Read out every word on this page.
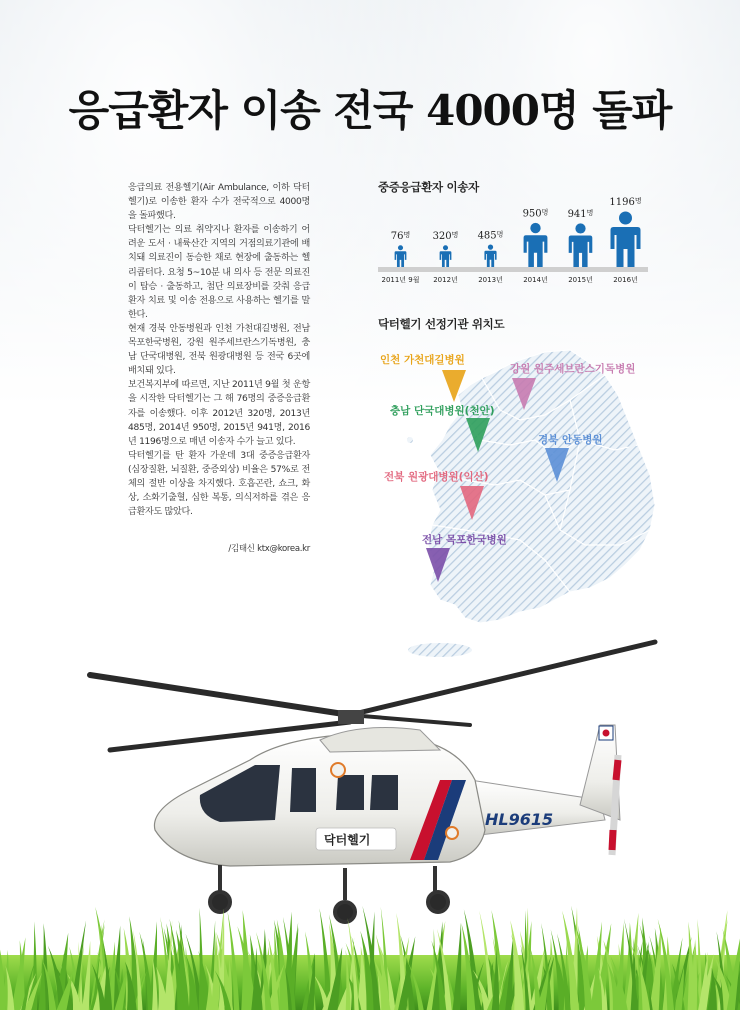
응급환자 이송 전국 4000명 돌파

응급의료 전용헬기(Air Ambulance, 이하 닥터헬기)로 이송한 환자 수가 전국적으로 4000명을 돌파했다.

닥터헬기는 의료 취약지나 환자를 이송하기 어려운 도서 · 내륙산간 지역의 거점의료기관에 배치돼 의료진이 동승한 채로 현장에 출동하는 헬리콥터다. 요청 5~10분 내 의사 등 전문 의료진이 탑승 · 출동하고, 첨단 의료장비를 갖춰 응급환자 치료 및 이송 전용으로 사용하는 헬기를 말한다.

현재 경북 안동병원과 인천 가천대길병원, 전남 목포한국병원, 강원 원주세브란스기독병원, 충남 단국대병원, 전북 원광대병원 등 전국 6곳에 배치돼 있다.

보건복지부에 따르면, 지난 2011년 9월 첫 운항을 시작한 닥터헬기는 그 해 76명의 중증응급환자를 이송했다. 이후 2012년 320명, 2013년 485명, 2014년 950명, 2015년 941명, 2016년 1196명으로 매년 이송자 수가 늘고 있다.

닥터헬기를 탄 환자 가운데 3대 중증응급환자(심장질환, 뇌질환, 중증외상) 비율은 57%로 전체의 절반 이상을 차지했다. 호흡곤란, 쇼크, 화상, 소화기출혈, 심한 복통, 의식저하를 겪은 응급환자도 많았다.

/김태신 ktx@korea.kr
중증응급환자 이송자
$76^명$
2011년 9월
$320^명$
2012년
$485^명$
2013년
$950^명$
2014년
$941^명$
2015년
$1196^명$
2016년
닥터헬기 선정기관 위치도
인천 가천대길병원
강원 원주세브란스기독병원
충남 단국대병원(천안)
경북 안동병원
전북 원광대병원(익산)
전남 목포한국병원
HL9615
닥터헬기
